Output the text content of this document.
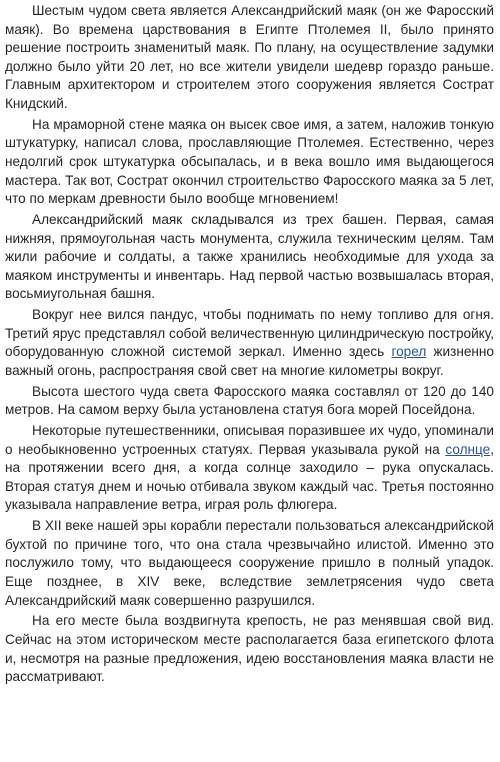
Шестым чудом света является Александрийский маяк (он же Фаросский маяк). Во времена царствования в Египте Птолемея II, было принято решение построить знаменитый маяк. По плану, на осуществление задумки должно было уйти 20 лет, но все жители увидели шедевр гораздо раньше. Главным архитектором и строителем этого сооружения является Сострат Книдский.

На мраморной стене маяка он высек свое имя, а затем, наложив тонкую штукатурку, написал слова, прославляющие Птолемея. Естественно, через недолгий срок штукатурка обсыпалась, и в века вошло имя выдающегося мастера. Так вот, Сострат окончил строительство Фаросского маяка за 5 лет, что по меркам древности было вообще мгновением!

Александрийский маяк складывался из трех башен. Первая, самая нижняя, прямоугольная часть монумента, служила техническим целям. Там жили рабочие и солдаты, а также хранились необходимые для ухода за маяком инструменты и инвентарь. Над первой частью возвышалась вторая, восьмиугольная башня.

Вокруг нее вился пандус, чтобы поднимать по нему топливо для огня. Третий ярус представлял собой величественную цилиндрическую постройку, оборудованную сложной системой зеркал. Именно здесь горел жизненно важный огонь, распространяя свой свет на многие километры вокруг.

Высота шестого чуда света Фаросского маяка составлял от 120 до 140 метров. На самом верху была установлена статуя бога морей Посейдона.

Некоторые путешественники, описывая поразившее их чудо, упоминали о необыкновенно устроенных статуях. Первая указывала рукой на солнце, на протяжении всего дня, а когда солнце заходило – рука опускалась. Вторая статуя днем и ночью отбивала звуком каждый час. Третья постоянно указывала направление ветра, играя роль флюгера.

В XII веке нашей эры корабли перестали пользоваться александрийской бухтой по причине того, что она стала чрезвычайно илистой. Именно это послужило тому, что выдающееся сооружение пришло в полный упадок. Еще позднее, в XIV веке, вследствие землетрясения чудо света Александрийский маяк совершенно разрушился.

На его месте была воздвигнута крепость, не раз менявшая свой вид. Сейчас на этом историческом месте располагается база египетского флота и, несмотря на разные предложения, идею восстановления маяка власти не рассматривают.
